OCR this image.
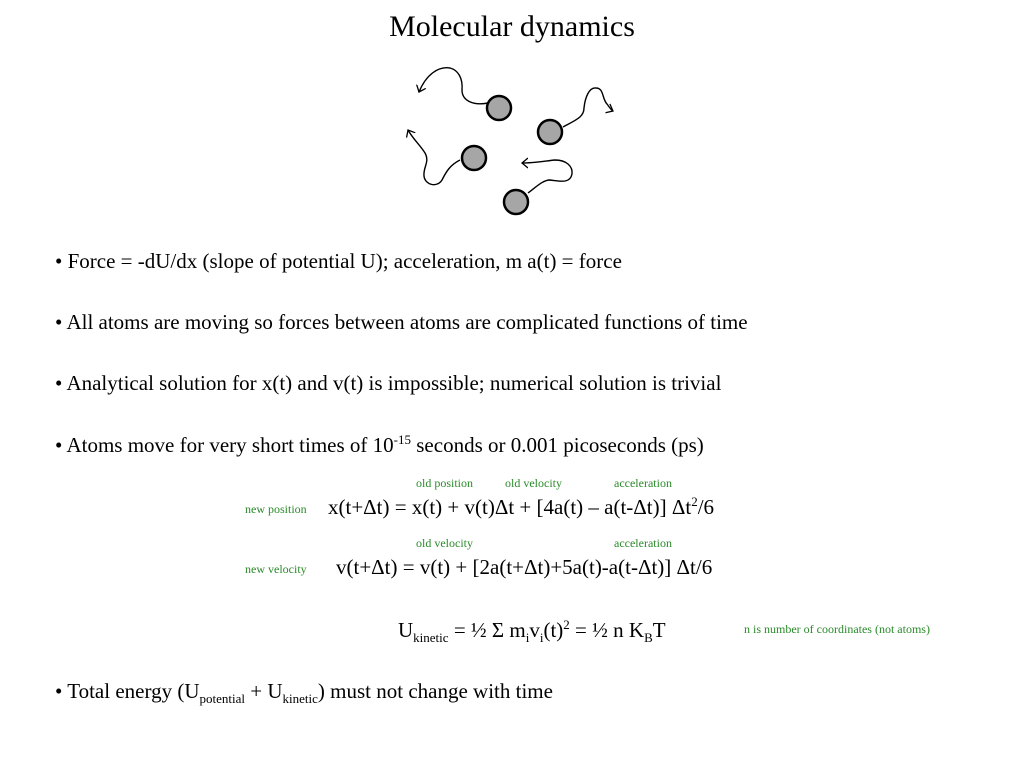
Molecular dynamics
• Force = -dU/dx (slope of potential U); acceleration, m a(t) = force
• All atoms are moving so forces between atoms are complicated functions of time
• Analytical solution for x(t) and v(t) is impossible; numerical solution is trivial
• Atoms move for very short times of $10^{-15}$ seconds or 0.001 picoseconds (ps)
old position	old velocity	acceleration
new position x(t+Δt) = x(t) + v(t)Δt + [4a(t) – a(t-Δt)] $\Delta t^2/6$
old velocity	acceleration
new velocity v(t+Δt) = v(t) + [2a(t+Δt)+5a(t)-a(t-Δt)] Δt/6
$U_{kinetic}$ = ½ Σ $m_iv_i(t)^2$ = ½ n $K_BT$	n is number of coordinates (not atoms)
• Total energy $(U_{potential} + U_{kinetic})$ must not change with time
